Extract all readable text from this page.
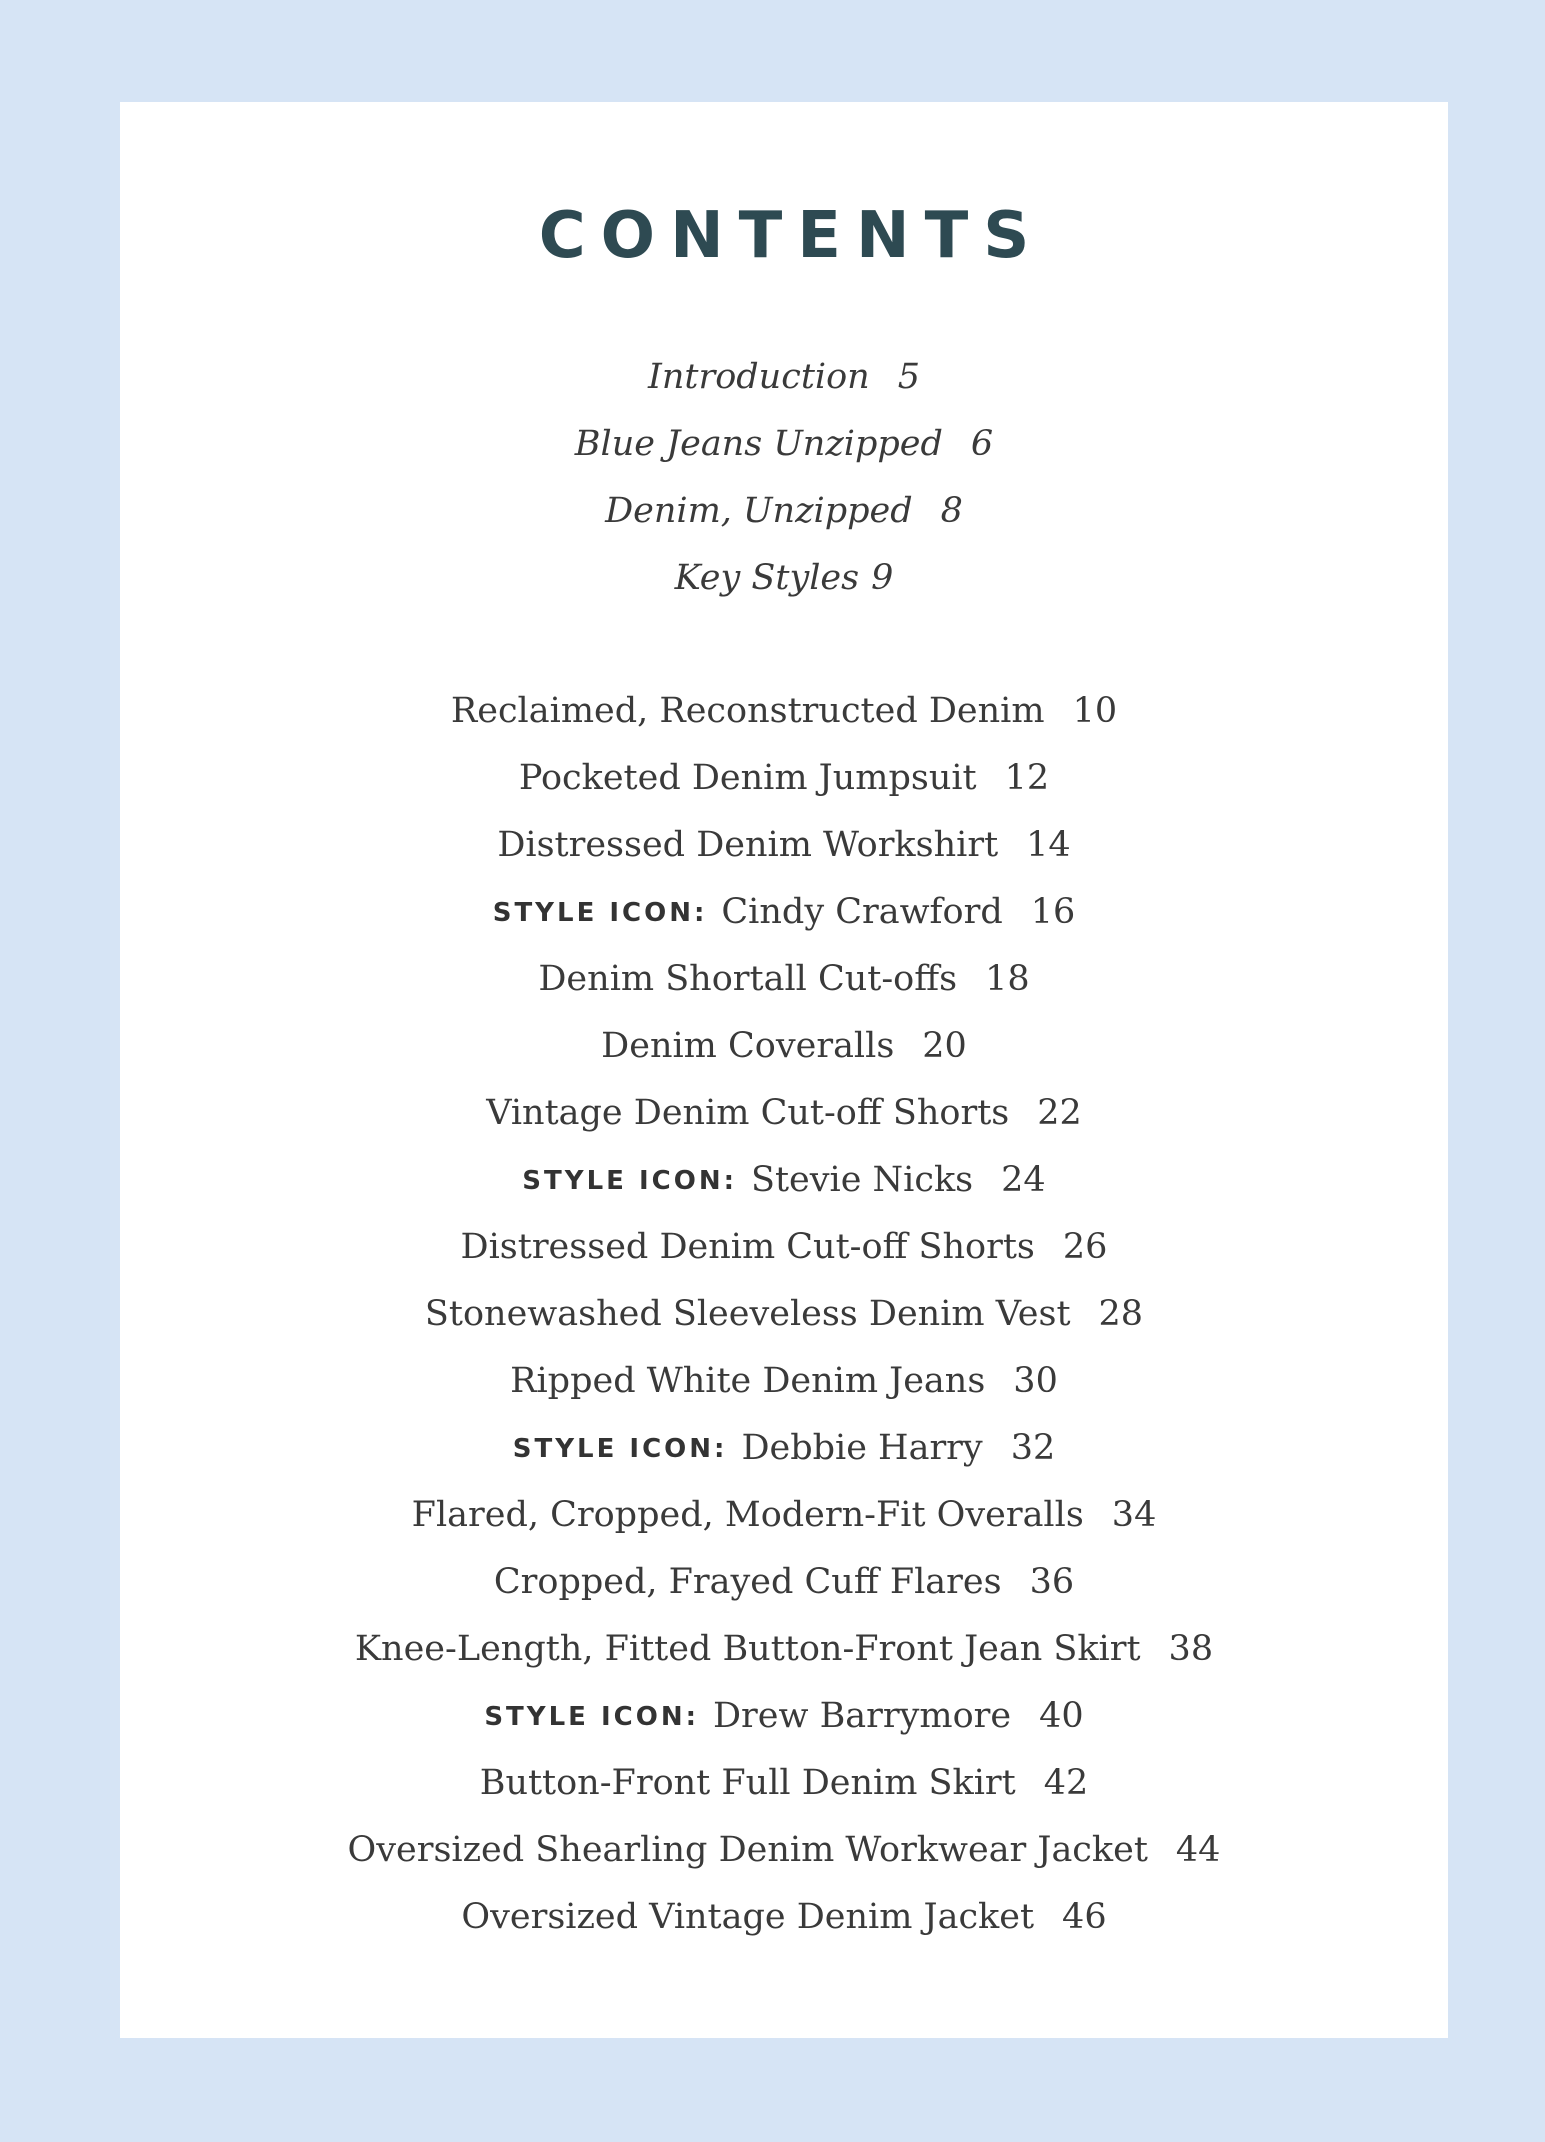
CONTENTS
Introduction 5
Blue Jeans Unzipped 6
Denim, Unzipped 8
Key Styles 9
Reclaimed, Reconstructed Denim 10
Pocketed Denim Jumpsuit 12
Distressed Denim Workshirt 14
STYLE ICON: Cindy Crawford 16
Denim Shortall Cut-offs 18
Denim Coveralls 20
Vintage Denim Cut-off Shorts 22
STYLE ICON: Stevie Nicks 24
Distressed Denim Cut-off Shorts 26
Stonewashed Sleeveless Denim Vest 28
Ripped White Denim Jeans 30
STYLE ICON: Debbie Harry 32
Flared, Cropped, Modern-Fit Overalls 34
Cropped, Frayed Cuff Flares 36
Knee-Length, Fitted Button-Front Jean Skirt 38
STYLE ICON: Drew Barrymore 40
Button-Front Full Denim Skirt 42
Oversized Shearling Denim Workwear Jacket 44
Oversized Vintage Denim Jacket 46
